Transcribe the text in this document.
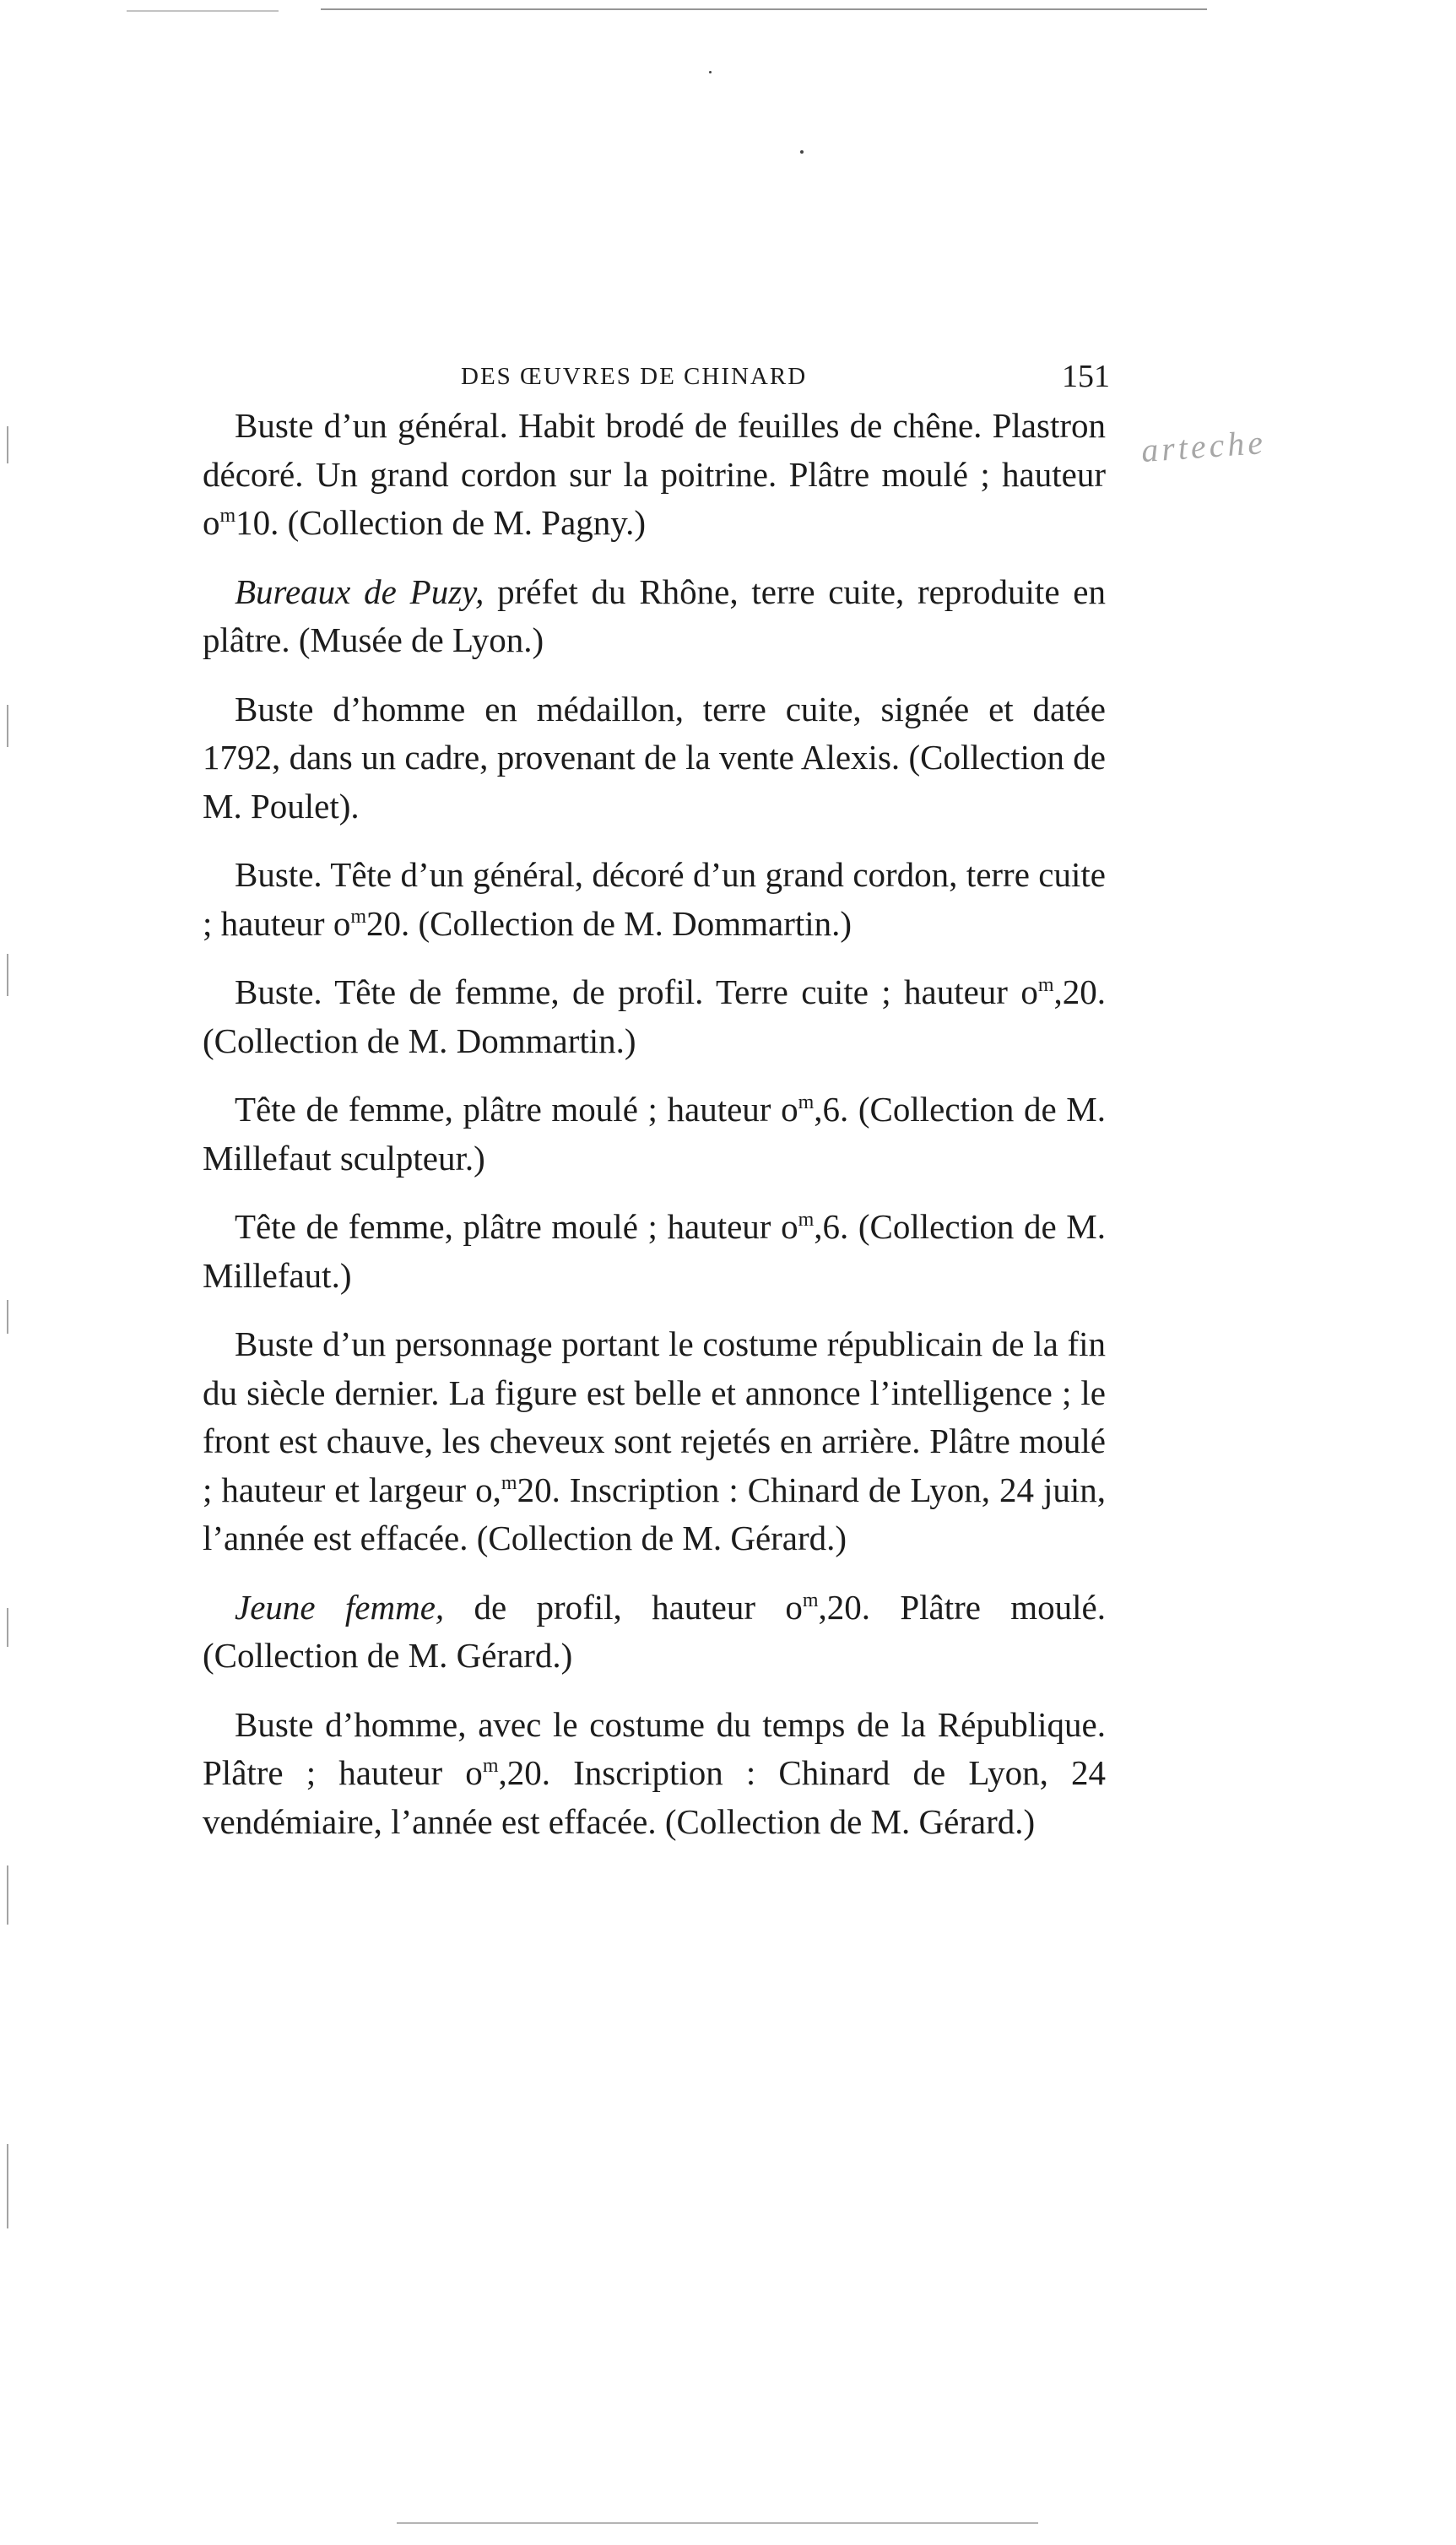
arteche
DES ŒUVRES DE CHINARD	151

Buste d’un général. Habit brodé de feuilles de chêne. Plastron décoré. Un grand cordon sur la poitrine. Plâtre moulé ; hauteur $o^m10$. (Collection de M. Pagny.)

Bureaux de Puzy, préfet du Rhône, terre cuite, reproduite en plâtre. (Musée de Lyon.)

Buste d’homme en médaillon, terre cuite, signée et datée 1792, dans un cadre, provenant de la vente Alexis. (Collection de M. Poulet).

Buste. Tête d’un général, décoré d’un grand cordon, terre cuite ; hauteur $o^m20$. (Collection de M. Dommartin.)

Buste. Tête de femme, de profil. Terre cuite ; hauteur $o^m,20$. (Collection de M. Dommartin.)

Tête de femme, plâtre moulé ; hauteur $o^m,6$. (Collection de M. Millefaut sculpteur.)

Tête de femme, plâtre moulé ; hauteur $o^m,6$. (Collection de M. Millefaut.)

Buste d’un personnage portant le costume républicain de la fin du siècle dernier. La figure est belle et annonce l’intelligence ; le front est chauve, les cheveux sont rejetés en arrière. Plâtre moulé ; hauteur et largeur o,$^m$20. Inscription : Chinard de Lyon, 24 juin, l’année est effacée. (Collection de M. Gérard.)

Jeune femme, de profil, hauteur $o^m,20$. Plâtre moulé. (Collection de M. Gérard.)

Buste d’homme, avec le costume du temps de la République. Plâtre ; hauteur $o^m,20$. Inscription : Chinard de Lyon, 24 vendémiaire, l’année est effacée. (Collection de M. Gérard.)
